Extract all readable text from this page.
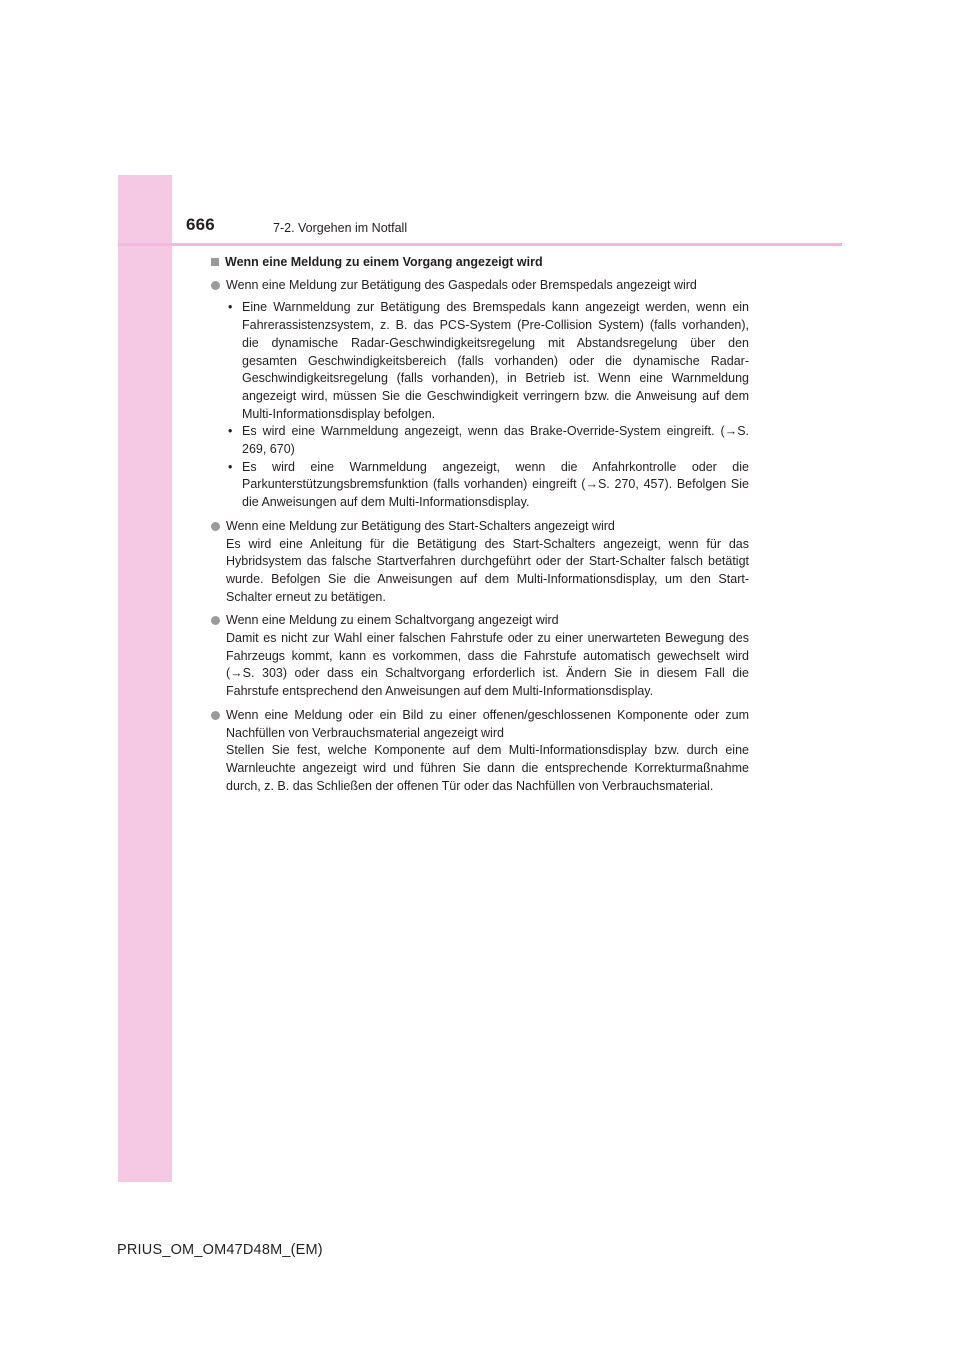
666	7-2. Vorgehen im Notfall
Wenn eine Meldung zu einem Vorgang angezeigt wird
Wenn eine Meldung zur Betätigung des Gaspedals oder Bremspedals angezeigt wird
• Eine Warnmeldung zur Betätigung des Bremspedals kann angezeigt werden, wenn ein Fahrerassistenzsystem, z. B. das PCS-System (Pre-Collision System) (falls vorhanden), die dynamische Radar-Geschwindigkeitsregelung mit Abstandsregelung über den gesamten Geschwindigkeitsbereich (falls vorhanden) oder die dynamische Radar-Geschwindigkeitsregelung (falls vorhanden), in Betrieb ist. Wenn eine Warnmeldung angezeigt wird, müssen Sie die Geschwindigkeit verringern bzw. die Anweisung auf dem Multi-Informationsdisplay befolgen.
• Es wird eine Warnmeldung angezeigt, wenn das Brake-Override-System eingreift. (→S. 269, 670)
• Es wird eine Warnmeldung angezeigt, wenn die Anfahrkontrolle oder die Parkunterstützungsbremsfunktion (falls vorhanden) eingreift (→S. 270, 457). Befolgen Sie die Anweisungen auf dem Multi-Informationsdisplay.
Wenn eine Meldung zur Betätigung des Start-Schalters angezeigt wird
Es wird eine Anleitung für die Betätigung des Start-Schalters angezeigt, wenn für das Hybridsystem das falsche Startverfahren durchgeführt oder der Start-Schalter falsch betätigt wurde. Befolgen Sie die Anweisungen auf dem Multi-Informationsdisplay, um den Start-Schalter erneut zu betätigen.
Wenn eine Meldung zu einem Schaltvorgang angezeigt wird
Damit es nicht zur Wahl einer falschen Fahrstufe oder zu einer unerwarteten Bewegung des Fahrzeugs kommt, kann es vorkommen, dass die Fahrstufe automatisch gewechselt wird (→S. 303) oder dass ein Schaltvorgang erforderlich ist. Ändern Sie in diesem Fall die Fahrstufe entsprechend den Anweisungen auf dem Multi-Informationsdisplay.
Wenn eine Meldung oder ein Bild zu einer offenen/geschlossenen Komponente oder zum Nachfüllen von Verbrauchsmaterial angezeigt wird
Stellen Sie fest, welche Komponente auf dem Multi-Informationsdisplay bzw. durch eine Warnleuchte angezeigt wird und führen Sie dann die entsprechende Korrekturmaßnahme durch, z. B. das Schließen der offenen Tür oder das Nachfüllen von Verbrauchsmaterial.
PRIUS_OM_OM47D48M_(EM)
